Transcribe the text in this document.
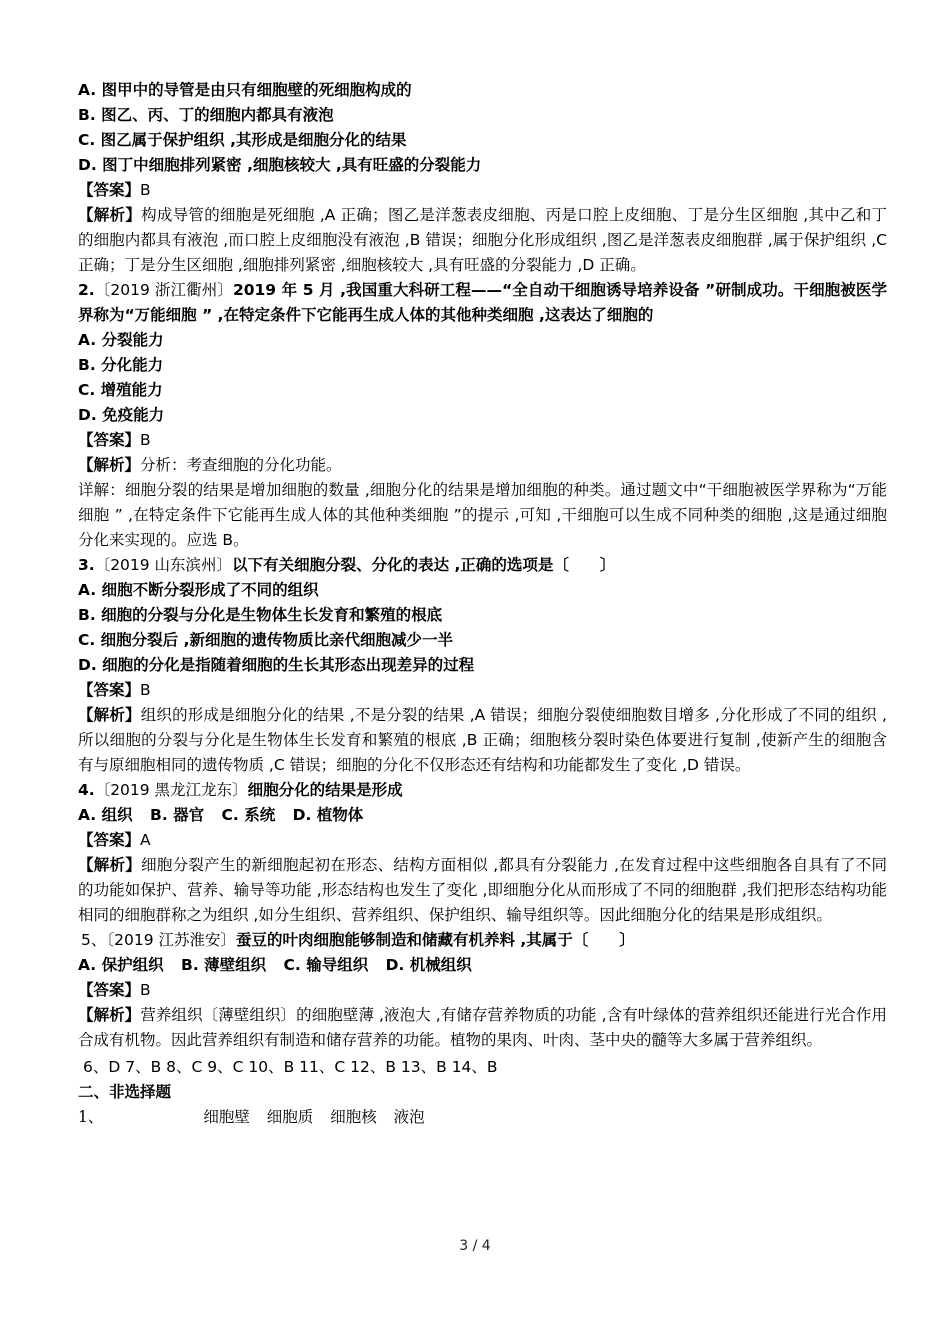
A. 图甲中的导管是由只有细胞壁的死细胞构成的
B. 图乙、丙、丁的细胞内都具有液泡
C. 图乙属于保护组织 ,其形成是细胞分化的结果
D. 图丁中细胞排列紧密 ,细胞核较大 ,具有旺盛的分裂能力
【答案】B
【解析】构成导管的细胞是死细胞 ,A 正确；图乙是洋葱表皮细胞、丙是口腔上皮细胞、丁是分生区细胞 ,其中乙和丁的细胞内都具有液泡 ,而口腔上皮细胞没有液泡 ,B 错误；细胞分化形成组织 ,图乙是洋葱表皮细胞群 ,属于保护组织 ,C 正确；丁是分生区细胞 ,细胞排列紧密 ,细胞核较大 ,具有旺盛的分裂能力 ,D 正确。
2.〔2019 浙江衢州〕2019 年 5 月 ,我国重大科研工程——“全自动干细胞诱导培养设备 ”研制成功。干细胞被医学界称为“万能细胞 ” ,在特定条件下它能再生成人体的其他种类细胞 ,这表达了细胞的
A. 分裂能力
B. 分化能力
C. 增殖能力
D. 免疫能力
【答案】B
【解析】分析：考查细胞的分化功能。
详解：细胞分裂的结果是增加细胞的数量 ,细胞分化的结果是增加细胞的种类。通过题文中“干细胞被医学界称为“万能细胞 ” ,在特定条件下它能再生成人体的其他种类细胞 ”的提示 ,可知 ,干细胞可以生成不同种类的细胞 ,这是通过细胞分化来实现的。应选 B。
3.〔2019 山东滨州〕以下有关细胞分裂、分化的表达 ,正确的选项是〔　　〕
A. 细胞不断分裂形成了不同的组织
B. 细胞的分裂与分化是生物体生长发育和繁殖的根底
C. 细胞分裂后 ,新细胞的遗传物质比亲代细胞减少一半
D. 细胞的分化是指随着细胞的生长其形态出现差异的过程
【答案】B
【解析】组织的形成是细胞分化的结果 ,不是分裂的结果 ,A 错误；细胞分裂使细胞数目增多 ,分化形成了不同的组织 ,所以细胞的分裂与分化是生物体生长发育和繁殖的根底 ,B 正确；细胞核分裂时染色体要进行复制 ,使新产生的细胞含有与原细胞相同的遗传物质 ,C 错误；细胞的分化不仅形态还有结构和功能都发生了变化 ,D 错误。
4.〔2019 黑龙江龙东〕细胞分化的结果是形成
A. 组织 B. 器官 C. 系统 D. 植物体
【答案】A
【解析】细胞分裂产生的新细胞起初在形态、结构方面相似 ,都具有分裂能力 ,在发育过程中这些细胞各自具有了不同的功能如保护、营养、输导等功能 ,形态结构也发生了变化 ,即细胞分化从而形成了不同的细胞群 ,我们把形态结构功能相同的细胞群称之为组织 ,如分生组织、营养组织、保护组织、输导组织等。因此细胞分化的结果是形成组织。
5、〔2019 江苏淮安〕蚕豆的叶肉细胞能够制造和储藏有机养料 ,其属于〔　　〕
A. 保护组织 B. 薄壁组织 C. 输导组织 D. 机械组织
【答案】B
【解析】营养组织〔薄壁组织〕的细胞壁薄 ,液泡大 ,有储存营养物质的功能 ,含有叶绿体的营养组织还能进行光合作用合成有机物。因此营养组织有制造和储存营养的功能。植物的果肉、叶肉、茎中央的髓等大多属于营养组织。
6、D 7、B 8、C 9、C 10、B 11、C 12、B 13、B 14、B
二、非选择题
1、	细胞壁 细胞质 细胞核 液泡
3 / 4
